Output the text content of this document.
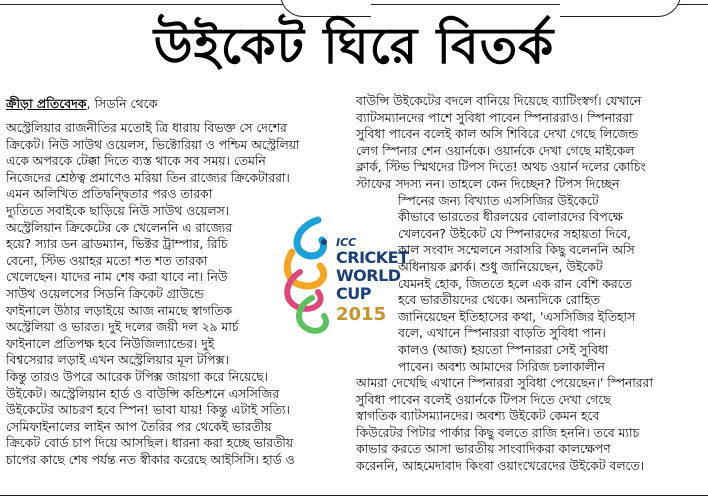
উইকেট ঘিরে বিতর্ক

ক্রীড়া প্রতিবেদক, সিডনি থেকে

অস্ট্রেলিয়ার রাজনীতির মতোই ত্রি ধারায় বিভক্ত সে দেশের
ক্রিকেট। নিউ সাউথ ওয়েলস, ভিক্টোরিয়া ও পশ্চিম অস্ট্রেলিয়া
একে অপরকে টেক্কা দিতে ব্যস্ত থাকে সব সময়। তেমনি
নিজেদের শ্রেষ্ঠত্ব প্রমাণেও মরিয়া তিন রাজ্যের ক্রিকেটাররা।
এমন অলিখিত প্রতিদ্বন্দ্বিতার পরও তারকা
দ্যুতিতে সবাইকে ছাড়িয়ে নিউ সাউথ ওয়েলস।
অস্ট্রেলিয়ান ক্রিকেটের কে খেলেননি এ রাজ্যের
হয়ে? স্যার ডন ব্রাডম্যান, ভিক্টর ট্রাম্পার, রিচি
বেনো, স্টিভ ওয়াহর মতো শত শত তারকা
খেলেছেন। যাদের নাম শেষ করা যাবে না। নিউ
সাউথ ওয়েলসের সিডনি ক্রিকেট গ্রাউন্ডে
ফাইনালে উঠার লড়াইয়ে আজ নামছে স্বাগতিক
অস্ট্রেলিয়া ও ভারত। দুই দলের জয়ী দল ২৯ মার্চ
ফাইনালে প্রতিপক্ষ হবে নিউজিল্যান্ডের। দুই
বিশ্বসেরার লড়াই এখন অস্ট্রেলিয়ার মূল টপিক্স।
কিন্তু তারও উপরে আরেক টপিক্স জায়গা করে নিয়েছে।
উইকেট। অস্ট্রেলিয়ান হার্ড ও বাউন্সি কন্ডিশনে এসসিজির
উইকেটের আচরণ হবে স্পিন! ভাবা যায়! কিন্তু এটাই সত্যি।
সেমিফাইনালের লাইন আপ তৈরির পর থেকেই ভারতীয়
ক্রিকেট বোর্ড চাপ দিয়ে আসছিল। ধারনা করা হচ্ছে ভারতীয়
চাপের কাছে শেষ পর্যন্ত নত স্বীকার করেছে আইসিসি। হার্ড ও
ICC
CRICKET
WORLD
CUP
2015
বাউন্সি উইকেটের বদলে বানিয়ে দিয়েছে ব্যাটিংস্বর্গ। যেখানে
ব্যাটসম্যানদের পাশে সুবিধা পাবেন স্পিনাররাও। স্পিনাররা
সুবিধা পাবেন বলেই কাল অসি শিবিরে দেখা গেছে লিজেন্ড
লেগ স্পিনার শেন ওয়ার্নকে। ওয়ার্নকে দেখা গেছে মাইকেল
ক্লার্ক, স্টিভ স্মিথদের টিপস দিতে! অথচ ওয়ার্ন দলের কোচিং
স্টাফের সদস্য নন। তাহলে কেন দিচ্ছেন? টিপস দিচ্ছেন
স্পিনের জন্য বিখ্যাত এসসিজির উইকেটে
কীভাবে ভারতের ধীরলয়ের বোলারদের বিপক্ষে
খেলবেন? উইকেট যে স্পিনারদের সহায়তা দিবে,
কাল সংবাদ সম্মেলনে সরাসরি কিছু বলেননি অসি
অধিনায়ক ক্লার্ক। শুধু জানিয়েছেন, উইকেট
যেমনই হোক, জিততে হলে এক রান বেশি করতে
হবে ভারতীয়দের থেকে। অন্যদিকে রোহিত
জানিয়েছেন ইতিহাসের কথা, 'এসসিজির ইতিহাস
বলে, এখানে স্পিনাররা বাড়তি সুবিধা পান।
কালও (আজ) হয়তো স্পিনাররা সেই সুবিধা
পাবেন। অবশ্য আমাদের সিরিজ চলাকালীন
আমরা দেখেছি এখানে স্পিনাররা সুবিধা পেয়েছেন।' স্পিনাররা
সুবিধা পাবেন বলেই ওয়ার্নকে টিপস দিতে দেখা গেছে
স্বাগতিক ব্যাটসম্যানদের। অবশ্য উইকেট কেমন হবে
কিউরেটর পিটার পার্কার কিছু বলতে রাজি হননি। তবে ম্যাচ
কাভার করতে আসা ভারতীয় সাংবাদিকরা কালক্ষেপণ
করেননি, আহমেদাবাদ কিংবা ওয়াংখেরেদের উইকেট বলতে।
